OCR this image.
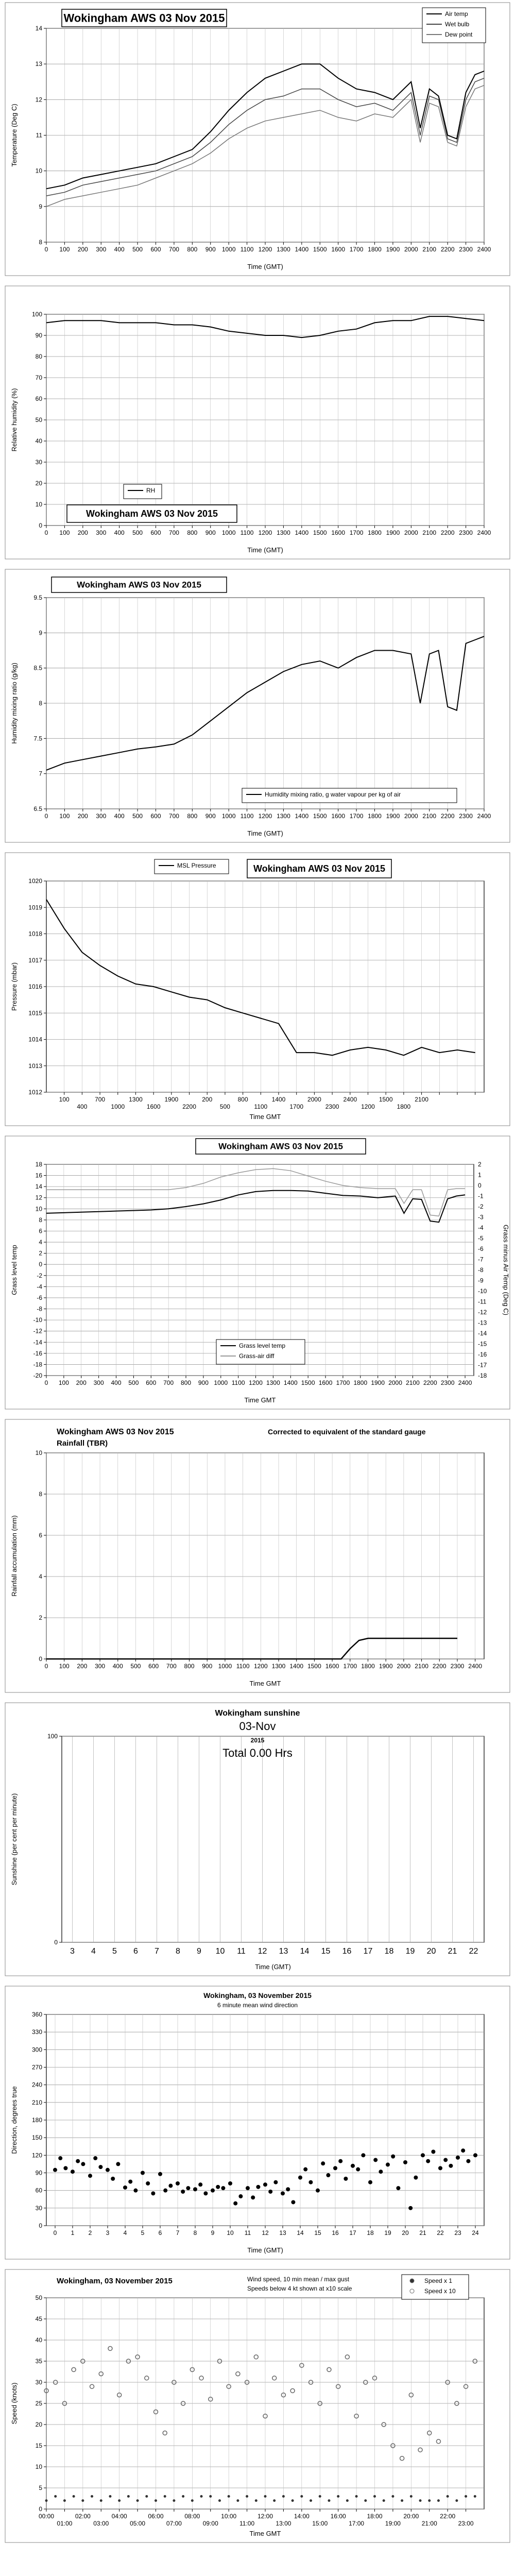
8
9
10
11
12
13
14
0 100 200 300 400 500 600 700 800 900 1000 1100 1200 1300 1400 1500 1600 1700 1800 1900 2000 2100 2200 2300 2400
Time (GMT)
Temperature (Deg C)
Wokingham AWS 03 Nov 2015	Air temp
Wet bulb
Dew point
0
10
20
30
40
50
60
70
80
90
100
0 100 200 300 400 500 600 700 800 900 1000 1100 1200 1300 1400 1500 1600 1700 1800 1900 2000 2100 2200 2300 2400
Time (GMT)
Relative humidity (%)
Wokingham AWS 03 Nov 2015
RH
6.5
7
7.5
8
8.5
9
9.5
0 100 200 300 400 500 600 700 800 900 1000 1100 1200 1300 1400 1500 1600 1700 1800 1900 2000 2100 2200 2300 2400
Time (GMT)
Humidity mixing ratio (g/kg)
Wokingham AWS 03 Nov 2015
Humidity mixing ratio, g water vapour per kg of air
1012
1013
1014
1015
1016
1017
1018
1019
1020
100
400
700
1000
1300
1600
1900
2200
200
500
800
1100
1400
1700
2000
2300
2400
1200
1500
1800
2100
Time GMT
Pressure (mbar)
Wokingham AWS 03 Nov 2015
MSL Pressure
-20
-18
-16
-14
-12
-10
-8
-6
-4
-2
0
2
4
6
8
10
12
14
16
18
0 100 200 300 400 500 600 700 800 900 1000 1100 1200 1300 1400 1500 1600 1700 1800 1900 2000 2100 2200 2300 2400
-18
-17
-16
-15
-14
-13
-12
-11
-10
-9
-8
-7
-6
-5
-4
-3
-2
-1
0
1
2
Grass minus Air Temp (Deg C)
Time GMT
Grass level temp
Wokingham AWS 03 Nov 2015
Grass level temp
Grass-air diff
0
2
4
6
8
10
0 100 200 300 400 500 600 700 800 900 1000 1100 1200 1300 1400 1500 1600 1700 1800 1900 2000 2100 2200 2300 2400
Time GMT
Rainfall accumulation (mm)
Wokingham AWS 03 Nov 2015
Rainfall (TBR)
Corrected to equivalent of the standard gauge
0
100
3 4 5 6 7 8 9 10 11 12 13 14 15 16 17 18 19 20 21 22
Time (GMT)
Sunshine (per cent per minute)
Wokingham sunshine
03-Nov
2015
Total 0.00 Hrs
0
30
60
90
120
150
180
210
240
270
300
330
360
0 1 2 3 4 5 6 7 8 9 10 11 12 13 14 15 16 17 18 19 20 21 22 23 24
Time (GMT)
Direction, degrees true
Wokingham, 03 November 2015
6 minute mean wind direction
0
5
10
15
20
25
30
35
40
45
50
00:00
01:00
02:00
03:00
04:00
05:00
06:00
07:00
08:00
09:00
10:00
11:00
12:00
13:00
14:00
15:00
16:00
17:00
18:00
19:00
20:00
21:00
22:00
23:00
Time GMT
Speed (knots)
Wokingham, 03 November 2015	Wind speed, 10 min mean / max gust
Speeds below 4 kt shown at x10 scale
Speed x 1
Speed x 10
